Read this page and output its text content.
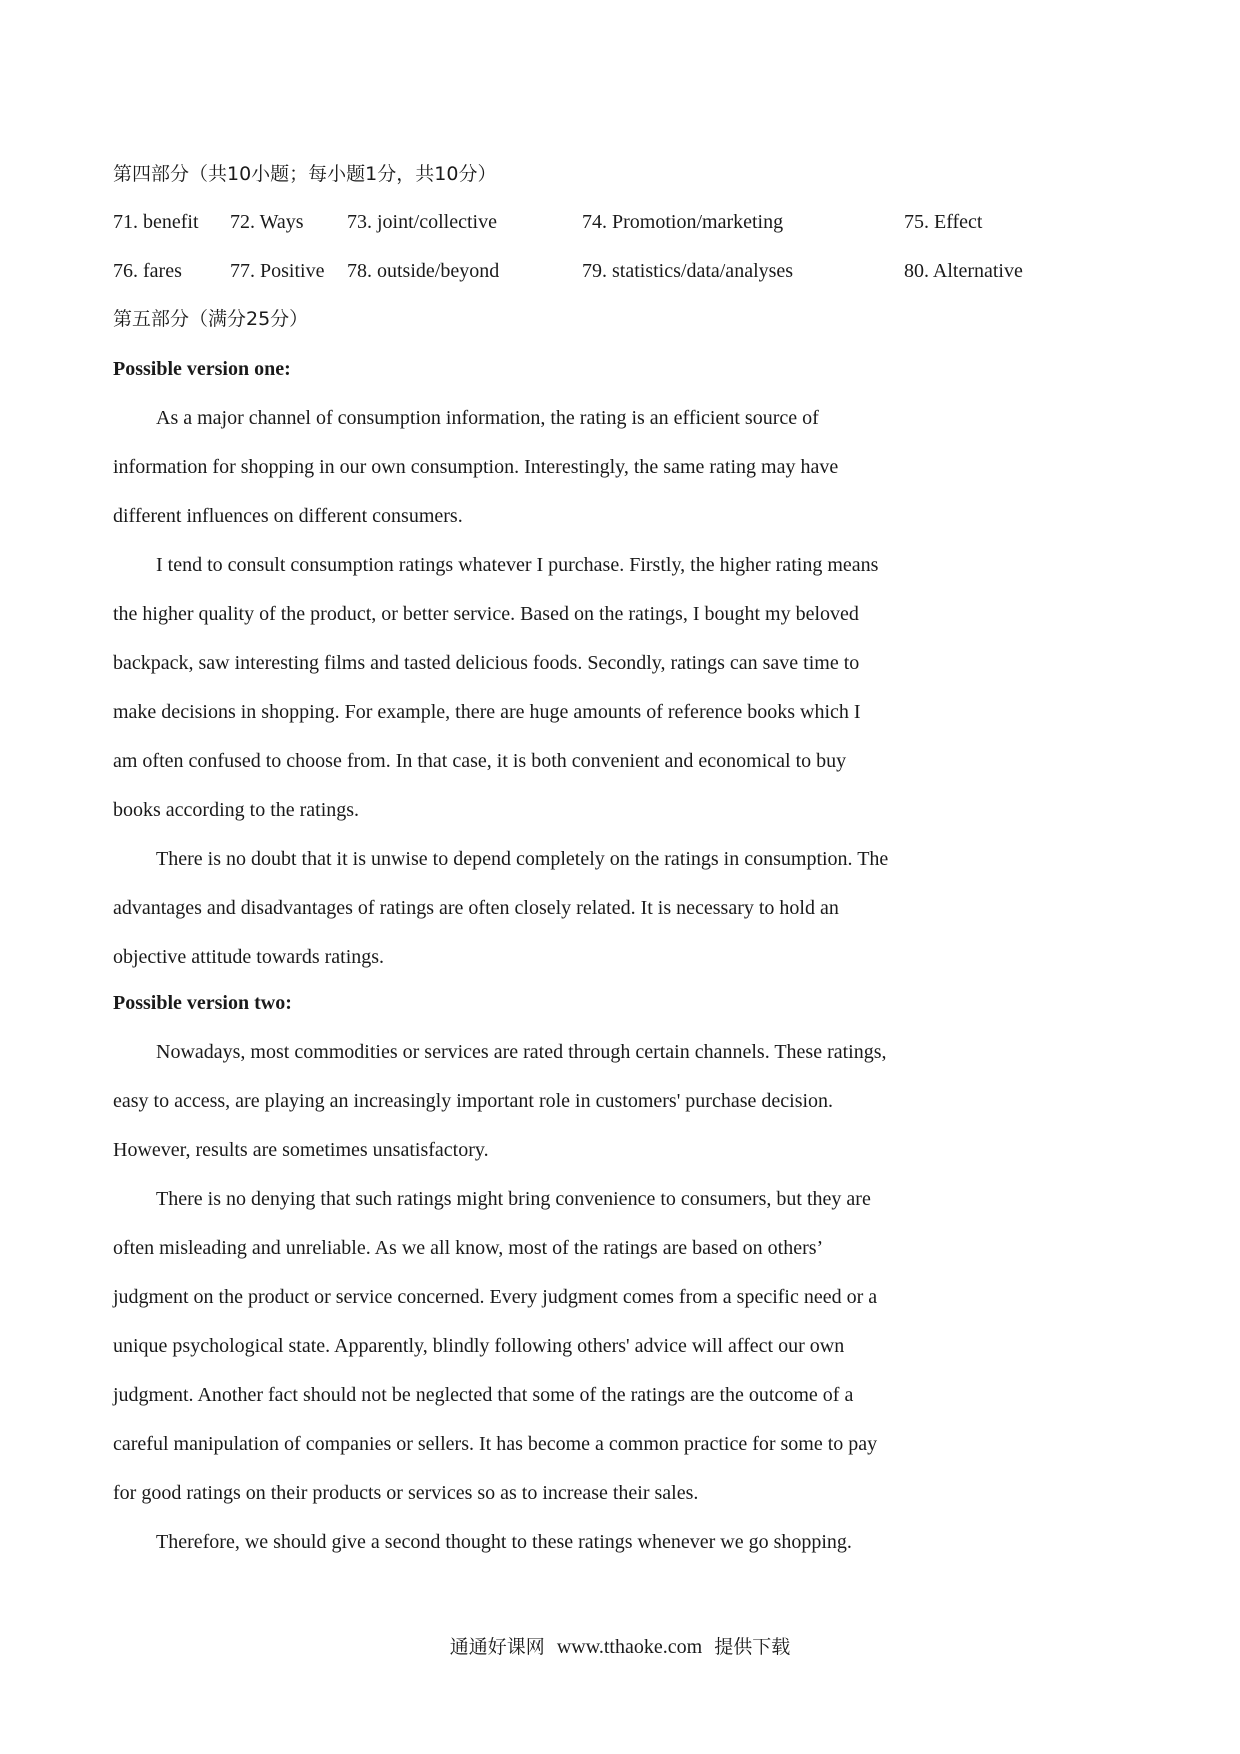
第四部分（共10小题；每小题1分，共10分）
71. benefit 72. Ways 73. joint/collective	74. Promotion/marketing	75. Effect
76. fares 77. Positive 78. outside/beyond	79. statistics/data/analyses	80. Alternative
第五部分（满分25分）
Possible version one:
As a major channel of consumption information, the rating is an efficient source of
information for shopping in our own consumption. Interestingly, the same rating may have
different influences on different consumers.
I tend to consult consumption ratings whatever I purchase. Firstly, the higher rating means
the higher quality of the product, or better service. Based on the ratings, I bought my beloved
backpack, saw interesting films and tasted delicious foods. Secondly, ratings can save time to
make decisions in shopping. For example, there are huge amounts of reference books which I
am often confused to choose from. In that case, it is both convenient and economical to buy
books according to the ratings.
There is no doubt that it is unwise to depend completely on the ratings in consumption. The
advantages and disadvantages of ratings are often closely related. It is necessary to hold an
objective attitude towards ratings.
Possible version two:
Nowadays, most commodities or services are rated through certain channels. These ratings,
easy to access, are playing an increasingly important role in customers' purchase decision.
However, results are sometimes unsatisfactory.
There is no denying that such ratings might bring convenience to consumers, but they are
often misleading and unreliable. As we all know, most of the ratings are based on others’
judgment on the product or service concerned. Every judgment comes from a specific need or a
unique psychological state. Apparently, blindly following others' advice will affect our own
judgment. Another fact should not be neglected that some of the ratings are the outcome of a
careful manipulation of companies or sellers. It has become a common practice for some to pay
for good ratings on their products or services so as to increase their sales.
Therefore, we should give a second thought to these ratings whenever we go shopping.
通通好课网 www.tthaoke.com 提供下载
